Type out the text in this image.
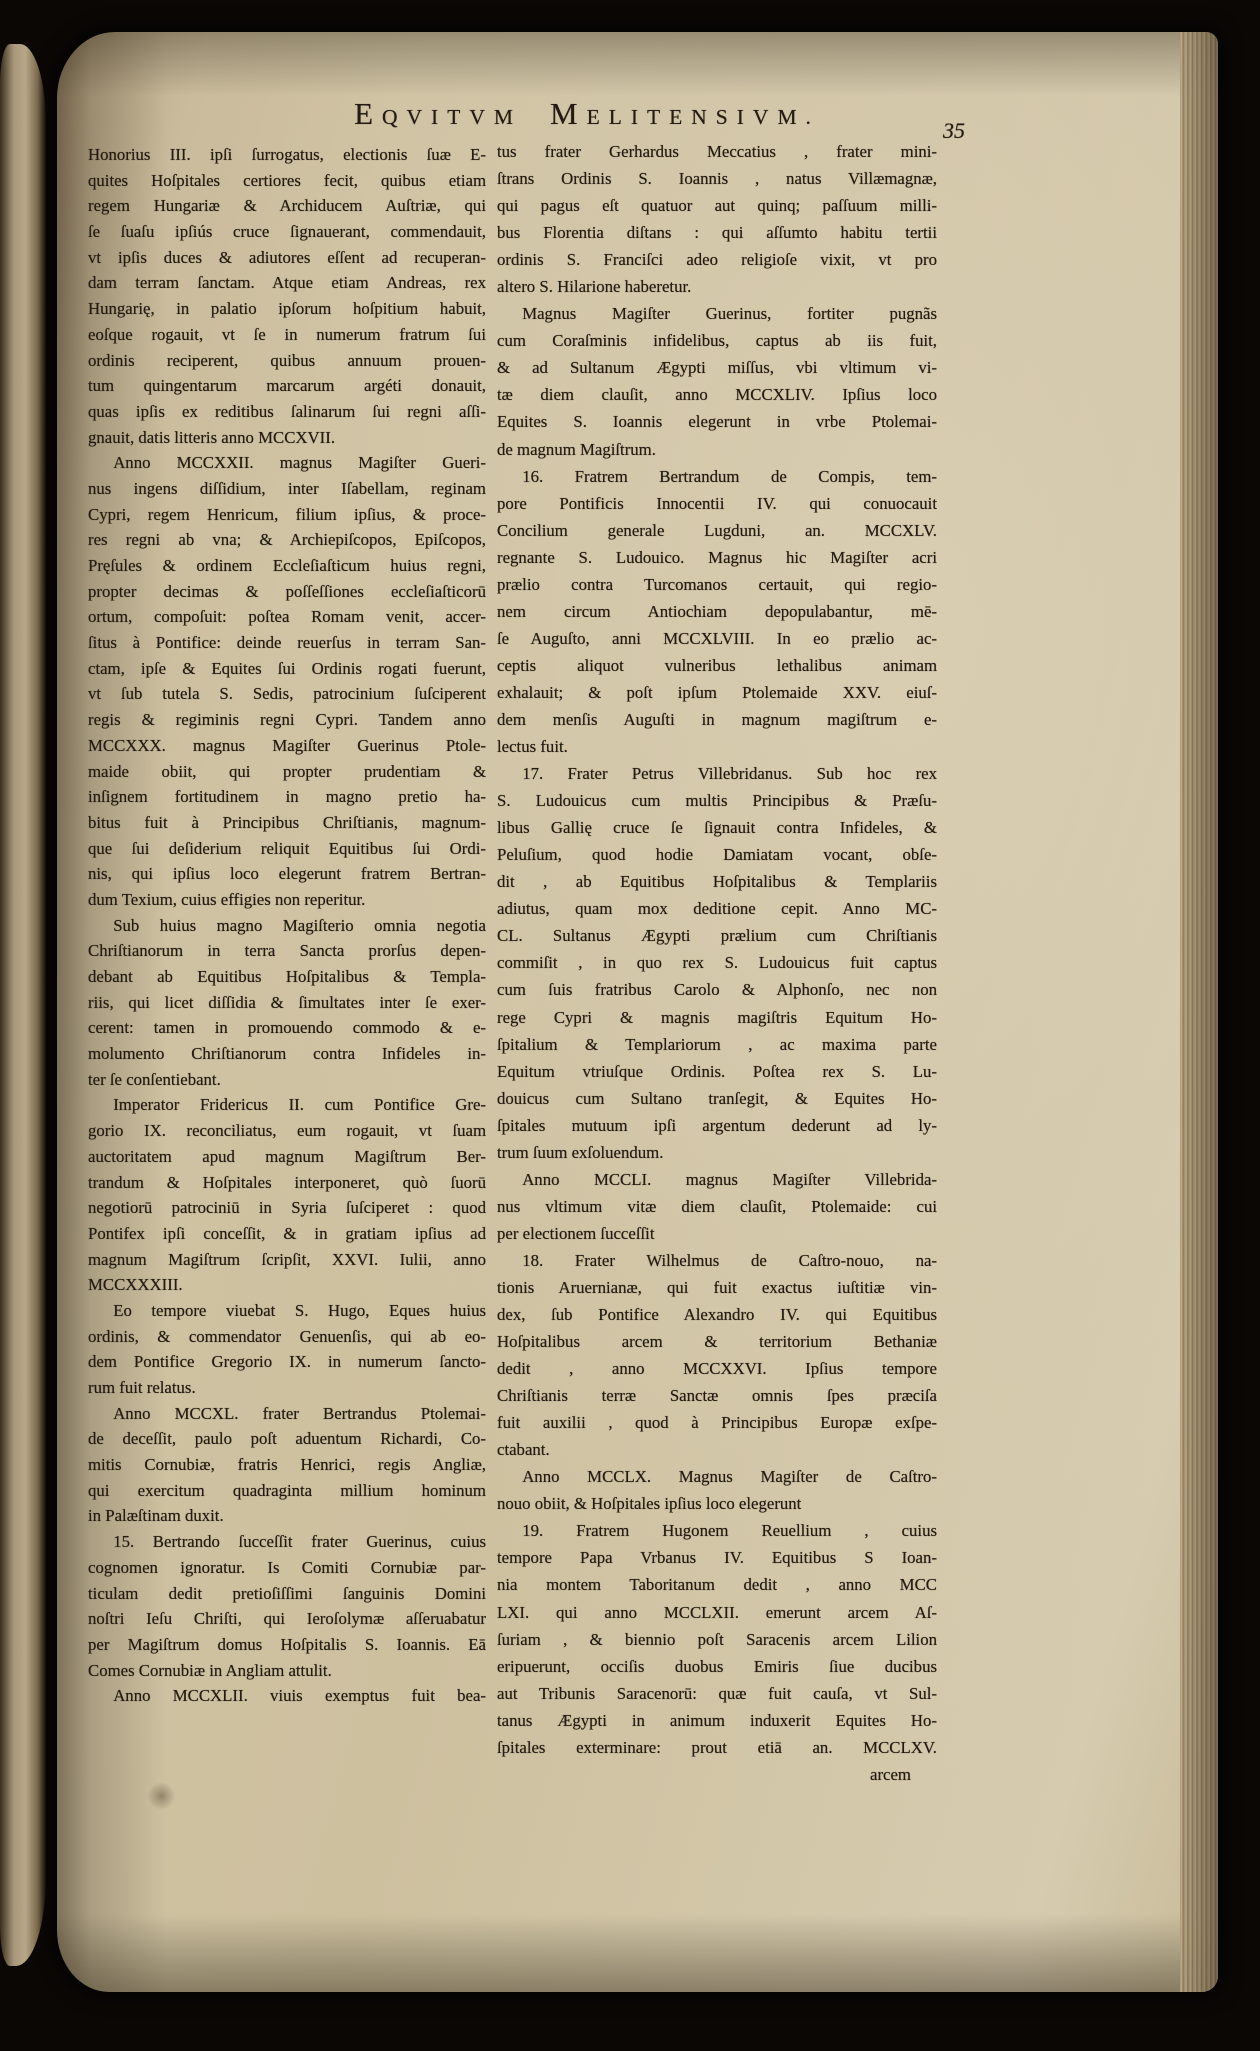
EQVITVM MELITENSIVM.
35
Honorius III. ipſi ſurrogatus, electionis ſuæ E-
quites Hoſpitales certiores fecit, quibus etiam
regem Hungariæ & Archiducem Auſtriæ, qui
ſe ſuaſu ipſiús cruce ſignauerant, commendauit,
vt ipſis duces & adiutores eſſent ad recuperan-
dam terram ſanctam. Atque etiam Andreas, rex
Hungarię, in palatio ipſorum hoſpitium habuit,
eoſque rogauit, vt ſe in numerum fratrum ſui
ordinis reciperent, quibus annuum prouen-
tum quingentarum marcarum argéti donauit,
quas ipſis ex reditibus ſalinarum ſui regni aſſi-
gnauit, datis litteris anno MCCXVII.
Anno MCCXXII. magnus Magiſter Gueri-
nus ingens diſſidium, inter Iſabellam, reginam
Cypri, regem Henricum, filium ipſius, & proce-
res regni ab vna; & Archiepiſcopos, Epiſcopos,
Pręſules & ordinem Eccleſiaſticum huius regni,
propter decimas & poſſeſſiones eccleſiaſticorū
ortum, compoſuit: poſtea Romam venit, accer-
ſitus à Pontifice: deinde reuerſus in terram San-
ctam, ipſe & Equites ſui Ordinis rogati fuerunt,
vt ſub tutela S. Sedis, patrocinium ſuſciperent
regis & regiminis regni Cypri. Tandem anno
MCCXXX. magnus Magiſter Guerinus Ptole-
maide obiit, qui propter prudentiam &
inſignem fortitudinem in magno pretio ha-
bitus fuit à Principibus Chriſtianis, magnum-
que ſui deſiderium reliquit Equitibus ſui Ordi-
nis, qui ipſius loco elegerunt fratrem Bertran-
dum Texium, cuius effigies non reperitur.
Sub huius magno Magiſterio omnia negotia
Chriſtianorum in terra Sancta prorſus depen-
debant ab Equitibus Hoſpitalibus & Templa-
riis, qui licet diſſidia & ſimultates inter ſe exer-
cerent: tamen in promouendo commodo & e-
molumento Chriſtianorum contra Infideles in-
ter ſe conſentiebant.
Imperator Fridericus II. cum Pontifice Gre-
gorio IX. reconciliatus, eum rogauit, vt ſuam
auctoritatem apud magnum Magiſtrum Ber-
trandum & Hoſpitales interponeret, quò ſuorū
negotiorū patrociniū in Syria ſuſciperet : quod
Pontifex ipſi conceſſit, & in gratiam ipſius ad
magnum Magiſtrum ſcripſit, XXVI. Iulii, anno
MCCXXXIII.
Eo tempore viuebat S. Hugo, Eques huius
ordinis, & commendator Genuenſis, qui ab eo-
dem Pontifice Gregorio IX. in numerum ſancto-
rum fuit relatus.
Anno MCCXL. frater Bertrandus Ptolemai-
de deceſſit, paulo poſt aduentum Richardi, Co-
mitis Cornubiæ, fratris Henrici, regis Angliæ,
qui exercitum quadraginta millium hominum
in Palæſtinam duxit.
15. Bertrando ſucceſſit frater Guerinus, cuius
cognomen ignoratur. Is Comiti Cornubiæ par-
ticulam dedit pretioſiſſimi ſanguinis Domini
noſtri Ieſu Chriſti, qui Ieroſolymæ aſſeruabatur
per Magiſtrum domus Hoſpitalis S. Ioannis. Eā
Comes Cornubiæ in Angliam attulit.
Anno MCCXLII. viuis exemptus fuit bea-
tus frater Gerhardus Meccatius , frater mini-
ſtrans Ordinis S. Ioannis , natus Villæmagnæ,
qui pagus eſt quatuor aut quinq; paſſuum milli-
bus Florentia diſtans : qui aſſumto habitu tertii
ordinis S. Franciſci adeo religioſe vixit, vt pro
altero S. Hilarione haberetur.
Magnus Magiſter Guerinus, fortiter pugnãs
cum Coraſminis infidelibus, captus ab iis fuit,
& ad Sultanum Ægypti miſſus, vbi vltimum vi-
tæ diem clauſit, anno MCCXLIV. Ipſius loco
Equites S. Ioannis elegerunt in vrbe Ptolemai-
de magnum Magiſtrum.
16. Fratrem Bertrandum de Compis, tem-
pore Pontificis Innocentii IV. qui conuocauit
Concilium generale Lugduni, an. MCCXLV.
regnante S. Ludouico. Magnus hic Magiſter acri
prælio contra Turcomanos certauit, qui regio-
nem circum Antiochiam depopulabantur, mē-
ſe Auguſto, anni MCCXLVIII. In eo prælio ac-
ceptis aliquot vulneribus lethalibus animam
exhalauit; & poſt ipſum Ptolemaide XXV. eiuſ-
dem menſis Auguſti in magnum magiſtrum e-
lectus fuit.
17. Frater Petrus Villebridanus. Sub hoc rex
S. Ludouicus cum multis Principibus & Præſu-
libus Gallię cruce ſe ſignauit contra Infideles, &
Peluſium, quod hodie Damiatam vocant, obſe-
dit , ab Equitibus Hoſpitalibus & Templariis
adiutus, quam mox deditione cepit. Anno MC-
CL. Sultanus Ægypti prælium cum Chriſtianis
commiſit , in quo rex S. Ludouicus fuit captus
cum ſuis fratribus Carolo & Alphonſo, nec non
rege Cypri & magnis magiſtris Equitum Ho-
ſpitalium & Templariorum , ac maxima parte
Equitum vtriuſque Ordinis. Poſtea rex S. Lu-
douicus cum Sultano tranſegit, & Equites Ho-
ſpitales mutuum ipſi argentum dederunt ad ly-
trum ſuum exſoluendum.
Anno MCCLI. magnus Magiſter Villebrida-
nus vltimum vitæ diem clauſit, Ptolemaide: cui
per electionem ſucceſſit
18. Frater Wilhelmus de Caſtro-nouo, na-
tionis Aruernianæ, qui fuit exactus iuſtitiæ vin-
dex, ſub Pontifice Alexandro IV. qui Equitibus
Hoſpitalibus arcem & territorium Bethaniæ
dedit , anno MCCXXVI. Ipſius tempore
Chriſtianis terræ Sanctæ omnis ſpes præciſa
fuit auxilii , quod à Principibus Europæ exſpe-
ctabant.
Anno MCCLX. Magnus Magiſter de Caſtro-
nouo obiit, & Hoſpitales ipſius loco elegerunt
19. Fratrem Hugonem Reuellium , cuius
tempore Papa Vrbanus IV. Equitibus S Ioan-
nia montem Taboritanum dedit , anno MCC
LXI. qui anno MCCLXII. emerunt arcem Aſ-
ſuriam , & biennio poſt Saracenis arcem Lilion
eripuerunt, occiſis duobus Emiris ſiue ducibus
aut Tribunis Saracenorū: quæ fuit cauſa, vt Sul-
tanus Ægypti in animum induxerit Equites Ho-
ſpitales exterminare: prout etiā an. MCCLXV.
arcem
